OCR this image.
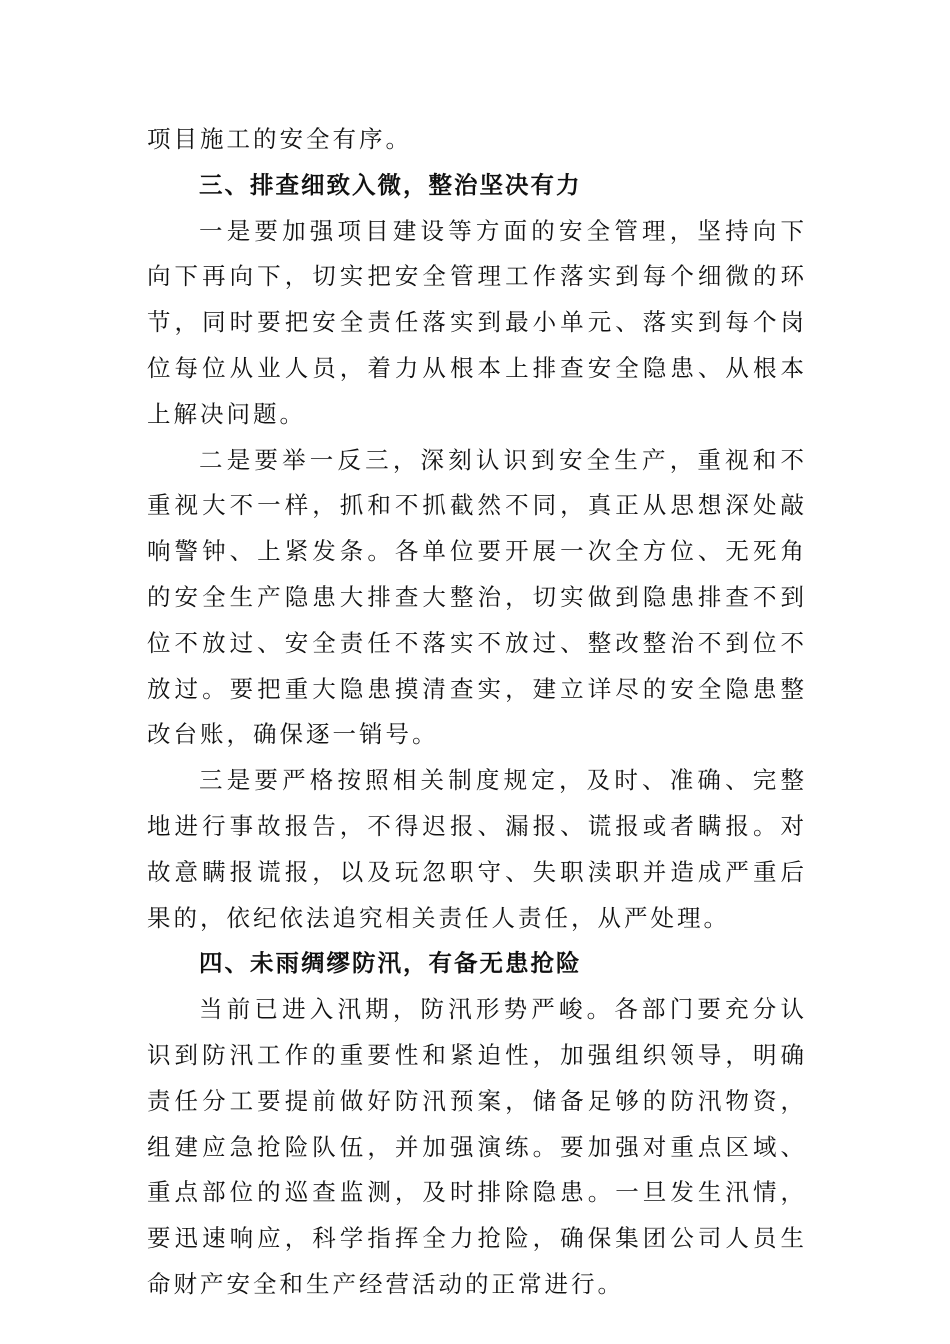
项目施工的安全有序。

三、排查细致入微，整治坚决有力

一是要加强项目建设等方面的安全管理，坚持向下向下再向下，切实把安全管理工作落实到每个细微的环节，同时要把安全责任落实到最小单元、落实到每个岗位每位从业人员，着力从根本上排查安全隐患、从根本上解决问题。

二是要举一反三，深刻认识到安全生产，重视和不重视大不一样，抓和不抓截然不同，真正从思想深处敲响警钟、上紧发条。各单位要开展一次全方位、无死角的安全生产隐患大排查大整治，切实做到隐患排查不到位不放过、安全责任不落实不放过、整改整治不到位不放过。要把重大隐患摸清查实，建立详尽的安全隐患整改台账，确保逐一销号。

三是要严格按照相关制度规定，及时、准确、完整地进行事故报告，不得迟报、漏报、谎报或者瞒报。对故意瞒报谎报，以及玩忽职守、失职渎职并造成严重后果的，依纪依法追究相关责任人责任，从严处理。

四、未雨绸缪防汛，有备无患抢险

当前已进入汛期，防汛形势严峻。各部门要充分认识到防汛工作的重要性和紧迫性，加强组织领导，明确责任分工要提前做好防汛预案，储备足够的防汛物资，组建应急抢险队伍，并加强演练。要加强对重点区域、重点部位的巡查监测，及时排除隐患。一旦发生汛情，要迅速响应，科学指挥全力抢险，确保集团公司人员生命财产安全和生产经营活动的正常进行。
